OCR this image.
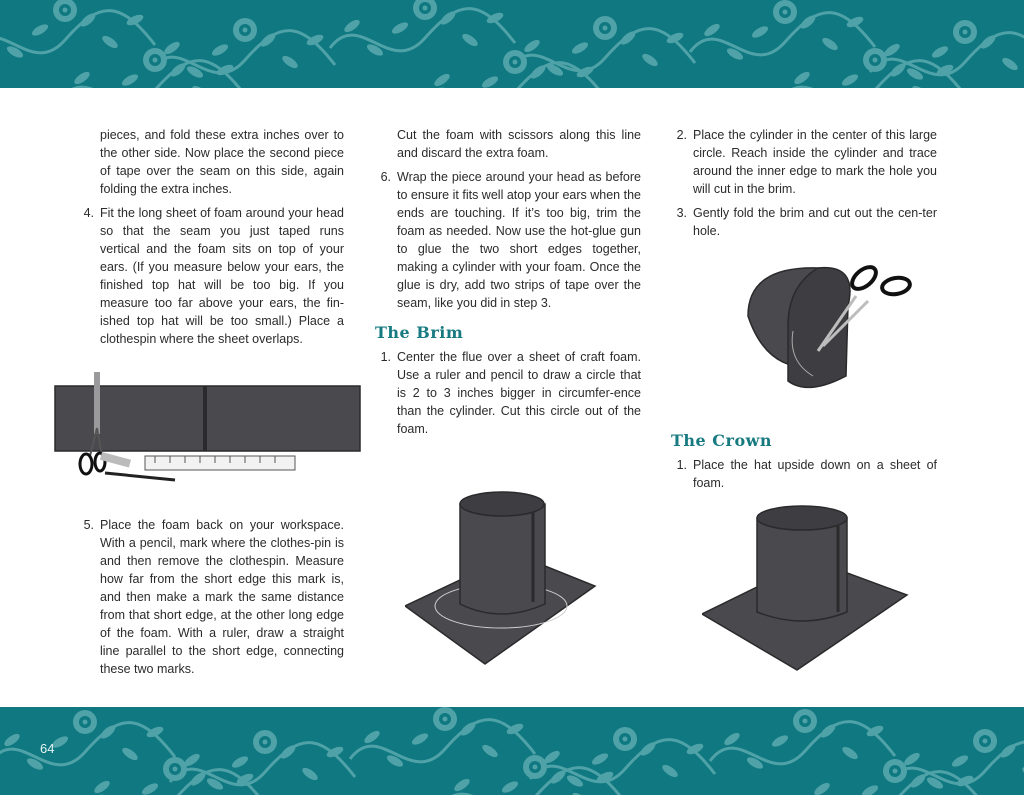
64

pieces, and fold these extra inches over to the other side. Now place the second piece of tape over the seam on this side, again folding the extra inches.

4. Fit the long sheet of foam around your head so that the seam you just taped runs vertical and the foam sits on top of your ears. (If you measure below your ears, the finished top hat will be too big. If you measure too far above your ears, the fin-ished top hat will be too small.) Place a clothespin where the sheet overlaps.
5. Place the foam back on your workspace. With a pencil, mark where the clothes-pin is and then remove the clothespin. Measure how far from the short edge this mark is, and then make a mark the same distance from that short edge, at the other long edge of the foam. With a ruler, draw a straight line parallel to the short edge, connecting these two marks.

Cut the foam with scissors along this line and discard the extra foam.

6. Wrap the piece around your head as before to ensure it fits well atop your ears when the ends are touching. If it’s too big, trim the foam as needed. Now use the hot-glue gun to glue the two short edges together, making a cylinder with your foam. Once the glue is dry, add two strips of tape over the seam, like you did in step 3.
The Brim
1. Center the flue over a sheet of craft foam. Use a ruler and pencil to draw a circle that is 2 to 3 inches bigger in circumfer-ence than the cylinder. Cut this circle out of the foam.
2. Place the cylinder in the center of this large circle. Reach inside the cylinder and trace around the inner edge to mark the hole you will cut in the brim.
3. Gently fold the brim and cut out the cen-ter hole.
The Crown
1. Place the hat upside down on a sheet of foam.
